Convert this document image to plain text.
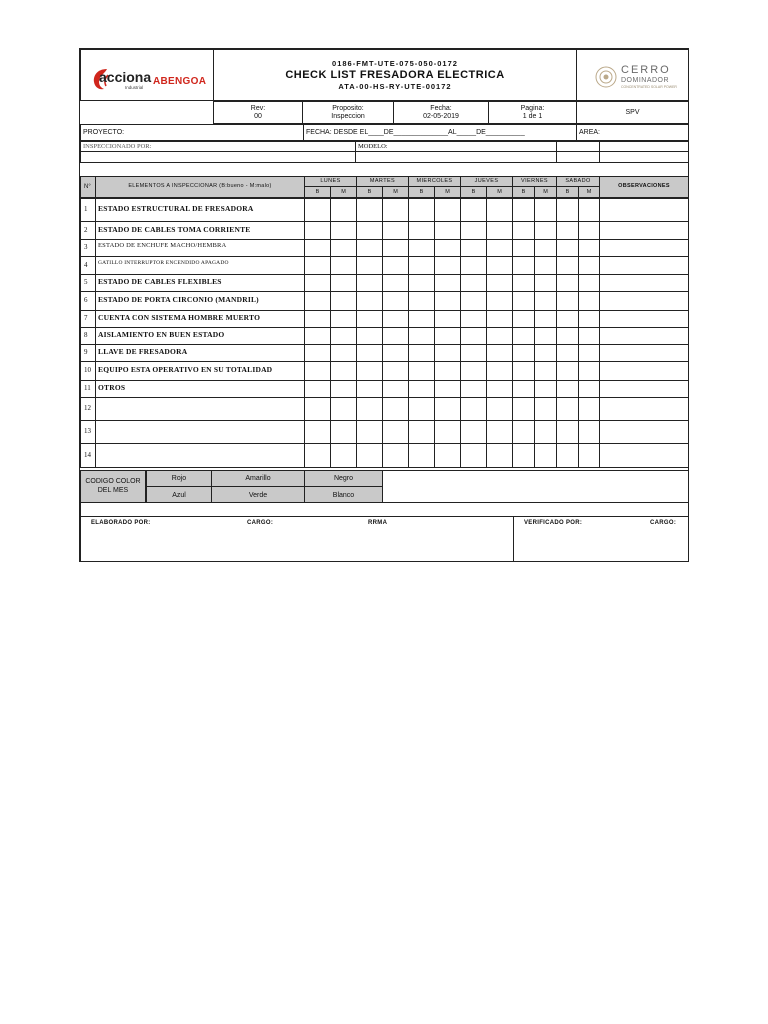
acciona
Industrial
ABENGOA
0186-FMT-UTE-075-050-0172
CHECK LIST FRESADORA ELECTRICA
ATA-00-HS-RY-UTE-00172
CERRO
DOMINADOR
CONCENTRATED SOLAR POWER
Rev:
00
Proposito:
Inspeccion
Fecha:
02-05-2019
Pagina:
1 de 1
SPV
PROYECTO:	FECHA: DESDE EL____DE______________AL_____DE__________	AREA:
INSPECCIONADO POR:	MODELO:
N°	ELEMENTOS A INSPECCIONAR (B:bueno - M:malo)
LUNES
B	M
MARTES
B	M
MIERCOLES
B	M
JUEVES
B	M
VIERNES
B	M
SABADO
B	M
OBSERVACIONES
1 ESTADO ESTRUCTURAL DE FRESADORA
2 ESTADO DE CABLES TOMA CORRIENTE
3 ESTADO DE ENCHUFE MACHO/HEMBRA
4 GATILLO INTERRUPTOR ENCENDIDO APAGADO
5 ESTADO DE CABLES FLEXIBLES
6 ESTADO DE PORTA CIRCONIO (MANDRIL)
7 CUENTA CON SISTEMA HOMBRE MUERTO
8 AISLAMIENTO EN BUEN ESTADO
9 LLAVE DE FRESADORA
10 EQUIPO ESTA OPERATIVO EN SU TOTALIDAD
11 OTROS
12
13
14
CODIGO COLOR
DEL MES
Rojo	Amarillo	Negro
Azul	Verde	Blanco
ELABORADO POR:	CARGO:	RRMA	VERIFICADO POR:	CARGO:
